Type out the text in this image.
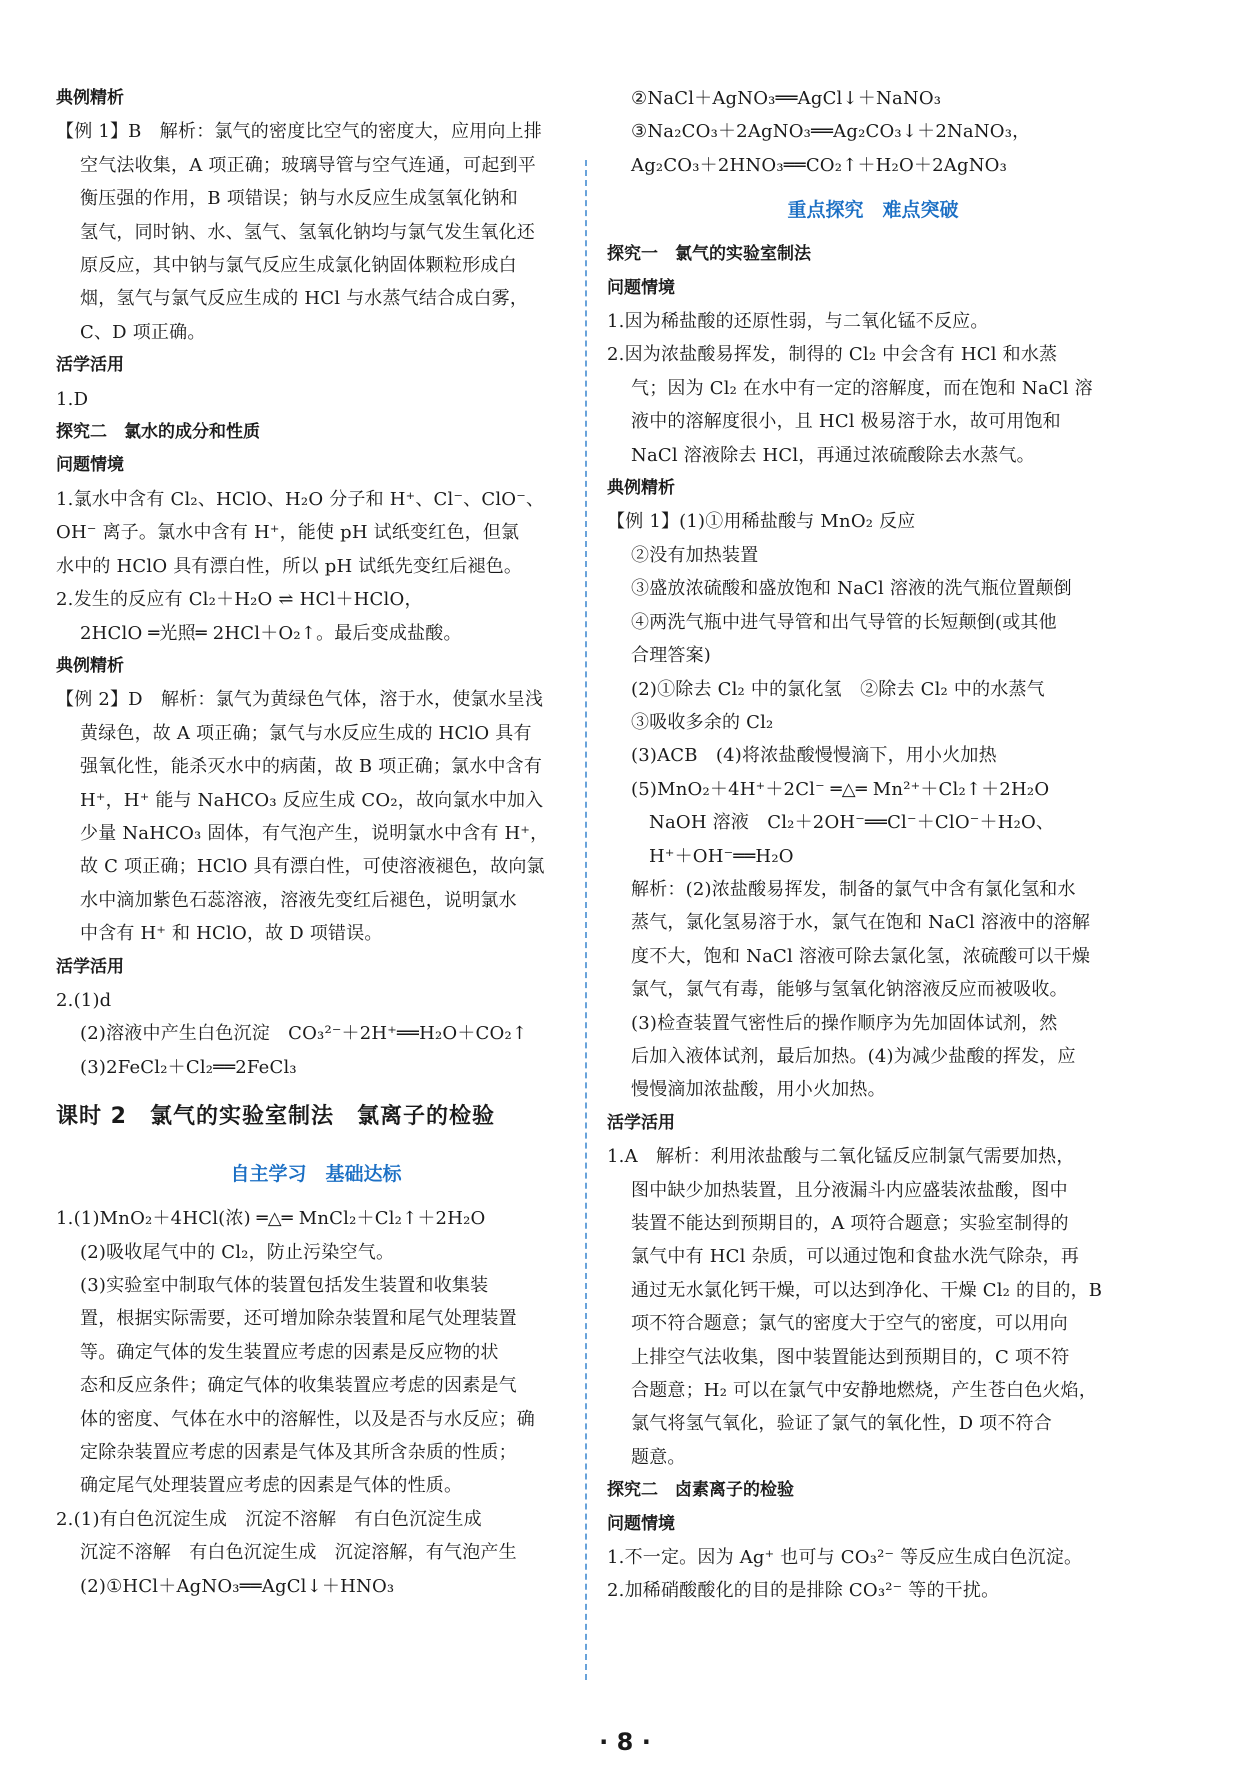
典例精析
【例 1】B　解析：氯气的密度比空气的密度大，应用向上排
空气法收集，A 项正确；玻璃导管与空气连通，可起到平
衡压强的作用，B 项错误；钠与水反应生成氢氧化钠和
氢气，同时钠、水、氢气、氢氧化钠均与氯气发生氧化还
原反应，其中钠与氯气反应生成氯化钠固体颗粒形成白
烟，氢气与氯气反应生成的 HCl 与水蒸气结合成白雾，
C、D 项正确。
活学活用
1.D
探究二　氯水的成分和性质
问题情境
1.氯水中含有 Cl₂、HClO、H₂O 分子和 H⁺、Cl⁻、ClO⁻、
OH⁻ 离子。氯水中含有 H⁺，能使 pH 试纸变红色，但氯
水中的 HClO 具有漂白性，所以 pH 试纸先变红后褪色。
2.发生的反应有 Cl₂＋H₂O ⇌ HCl＋HClO，
2HClO ═光照═ 2HCl＋O₂↑。最后变成盐酸。
典例精析
【例 2】D　解析：氯气为黄绿色气体，溶于水，使氯水呈浅
黄绿色，故 A 项正确；氯气与水反应生成的 HClO 具有
强氧化性，能杀灭水中的病菌，故 B 项正确；氯水中含有
H⁺，H⁺ 能与 NaHCO₃ 反应生成 CO₂，故向氯水中加入
少量 NaHCO₃ 固体，有气泡产生，说明氯水中含有 H⁺，
故 C 项正确；HClO 具有漂白性，可使溶液褪色，故向氯
水中滴加紫色石蕊溶液，溶液先变红后褪色，说明氯水
中含有 H⁺ 和 HClO，故 D 项错误。
活学活用
2.(1)d
(2)溶液中产生白色沉淀　CO₃²⁻＋2H⁺══H₂O＋CO₂↑
(3)2FeCl₂＋Cl₂══2FeCl₃
课时 2　氯气的实验室制法　氯离子的检验
自主学习　基础达标
1.(1)MnO₂＋4HCl(浓) ═△═ MnCl₂＋Cl₂↑＋2H₂O
(2)吸收尾气中的 Cl₂，防止污染空气。
(3)实验室中制取气体的装置包括发生装置和收集装
置，根据实际需要，还可增加除杂装置和尾气处理装置
等。确定气体的发生装置应考虑的因素是反应物的状
态和反应条件；确定气体的收集装置应考虑的因素是气
体的密度、气体在水中的溶解性，以及是否与水反应；确
定除杂装置应考虑的因素是气体及其所含杂质的性质；
确定尾气处理装置应考虑的因素是气体的性质。
2.(1)有白色沉淀生成　沉淀不溶解　有白色沉淀生成
沉淀不溶解　有白色沉淀生成　沉淀溶解，有气泡产生
(2)①HCl＋AgNO₃══AgCl↓＋HNO₃
②NaCl＋AgNO₃══AgCl↓＋NaNO₃
③Na₂CO₃＋2AgNO₃══Ag₂CO₃↓＋2NaNO₃，
Ag₂CO₃＋2HNO₃══CO₂↑＋H₂O＋2AgNO₃
重点探究　难点突破
探究一　氯气的实验室制法
问题情境
1.因为稀盐酸的还原性弱，与二氧化锰不反应。
2.因为浓盐酸易挥发，制得的 Cl₂ 中会含有 HCl 和水蒸
气；因为 Cl₂ 在水中有一定的溶解度，而在饱和 NaCl 溶
液中的溶解度很小，且 HCl 极易溶于水，故可用饱和
NaCl 溶液除去 HCl，再通过浓硫酸除去水蒸气。
典例精析
【例 1】(1)①用稀盐酸与 MnO₂ 反应
②没有加热装置
③盛放浓硫酸和盛放饱和 NaCl 溶液的洗气瓶位置颠倒
④两洗气瓶中进气导管和出气导管的长短颠倒(或其他
合理答案)
(2)①除去 Cl₂ 中的氯化氢　②除去 Cl₂ 中的水蒸气
③吸收多余的 Cl₂
(3)ACB　(4)将浓盐酸慢慢滴下，用小火加热
(5)MnO₂＋4H⁺＋2Cl⁻ ═△═ Mn²⁺＋Cl₂↑＋2H₂O
NaOH 溶液　Cl₂＋2OH⁻══Cl⁻＋ClO⁻＋H₂O、
H⁺＋OH⁻══H₂O
解析：(2)浓盐酸易挥发，制备的氯气中含有氯化氢和水
蒸气，氯化氢易溶于水，氯气在饱和 NaCl 溶液中的溶解
度不大，饱和 NaCl 溶液可除去氯化氢，浓硫酸可以干燥
氯气，氯气有毒，能够与氢氧化钠溶液反应而被吸收。
(3)检查装置气密性后的操作顺序为先加固体试剂，然
后加入液体试剂，最后加热。(4)为减少盐酸的挥发，应
慢慢滴加浓盐酸，用小火加热。
活学活用
1.A　解析：利用浓盐酸与二氧化锰反应制氯气需要加热，
图中缺少加热装置，且分液漏斗内应盛装浓盐酸，图中
装置不能达到预期目的，A 项符合题意；实验室制得的
氯气中有 HCl 杂质，可以通过饱和食盐水洗气除杂，再
通过无水氯化钙干燥，可以达到净化、干燥 Cl₂ 的目的，B
项不符合题意；氯气的密度大于空气的密度，可以用向
上排空气法收集，图中装置能达到预期目的，C 项不符
合题意；H₂ 可以在氯气中安静地燃烧，产生苍白色火焰，
氯气将氢气氧化，验证了氯气的氧化性，D 项不符合
题意。
探究二　卤素离子的检验
问题情境
1.不一定。因为 Ag⁺ 也可与 CO₃²⁻ 等反应生成白色沉淀。
2.加稀硝酸酸化的目的是排除 CO₃²⁻ 等的干扰。
· 8 ·
